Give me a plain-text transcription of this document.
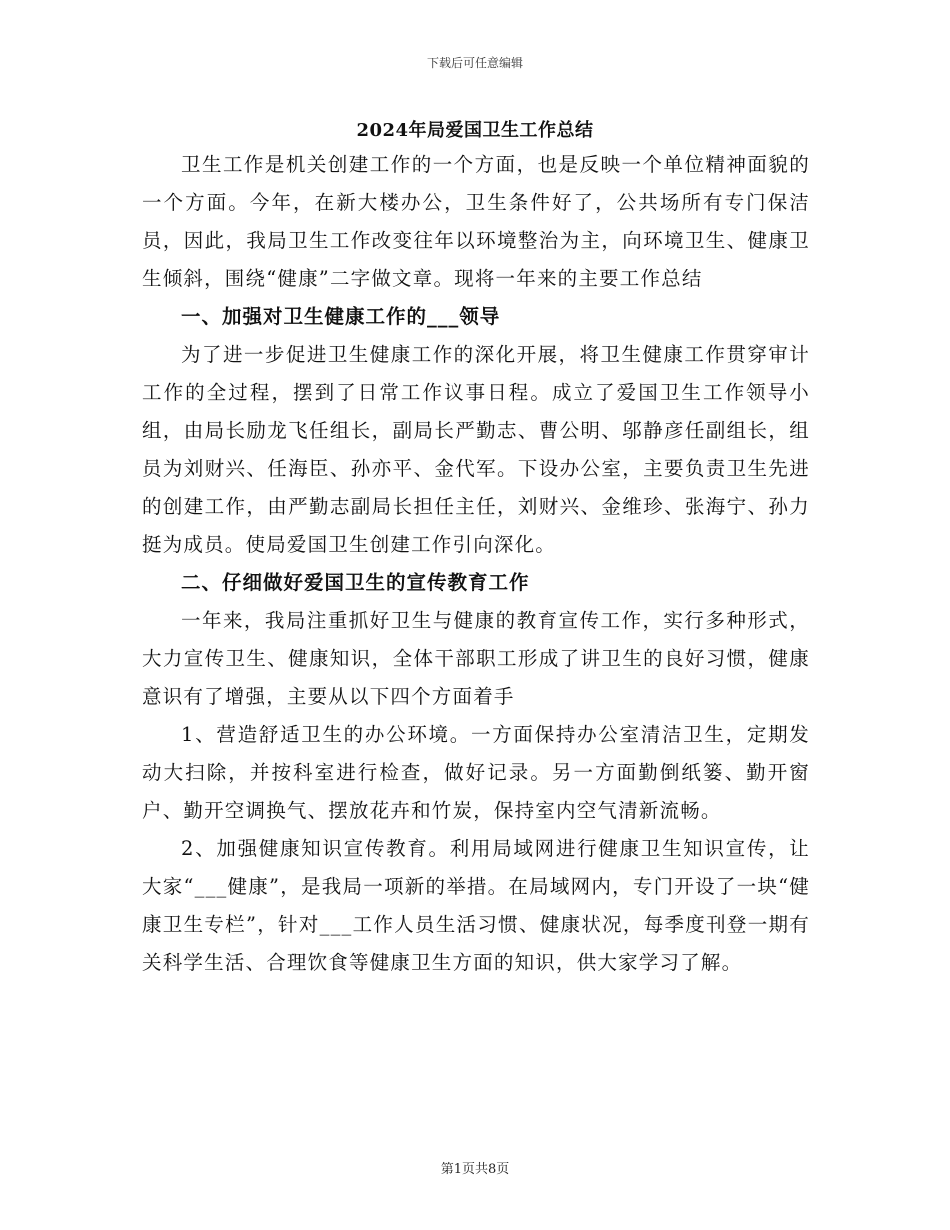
下载后可任意编辑
2024年局爱国卫生工作总结

卫生工作是机关创建工作的一个方面，也是反映一个单位精神面貌的一个方面。今年，在新大楼办公，卫生条件好了，公共场所有专门保洁员，因此，我局卫生工作改变往年以环境整治为主，向环境卫生、健康卫生倾斜，围绕“健康”二字做文章。现将一年来的主要工作总结

一、加强对卫生健康工作的___领导

为了进一步促进卫生健康工作的深化开展，将卫生健康工作贯穿审计工作的全过程，摆到了日常工作议事日程。成立了爱国卫生工作领导小组，由局长励龙飞任组长，副局长严勤志、曹公明、邬静彦任副组长，组员为刘财兴、任海臣、孙亦平、金代军。下设办公室，主要负责卫生先进的创建工作，由严勤志副局长担任主任，刘财兴、金维珍、张海宁、孙力挺为成员。使局爱国卫生创建工作引向深化。

二、仔细做好爱国卫生的宣传教育工作

一年来，我局注重抓好卫生与健康的教育宣传工作，实行多种形式，大力宣传卫生、健康知识，全体干部职工形成了讲卫生的良好习惯，健康意识有了增强，主要从以下四个方面着手

1、营造舒适卫生的办公环境。一方面保持办公室清洁卫生，定期发动大扫除，并按科室进行检查，做好记录。另一方面勤倒纸篓、勤开窗户、勤开空调换气、摆放花卉和竹炭，保持室内空气清新流畅。

2、加强健康知识宣传教育。利用局域网进行健康卫生知识宣传，让大家“___健康”，是我局一项新的举措。在局域网内，专门开设了一块“健康卫生专栏”，针对___工作人员生活习惯、健康状况，每季度刊登一期有关科学生活、合理饮食等健康卫生方面的知识，供大家学习了解。

第1页共8页
